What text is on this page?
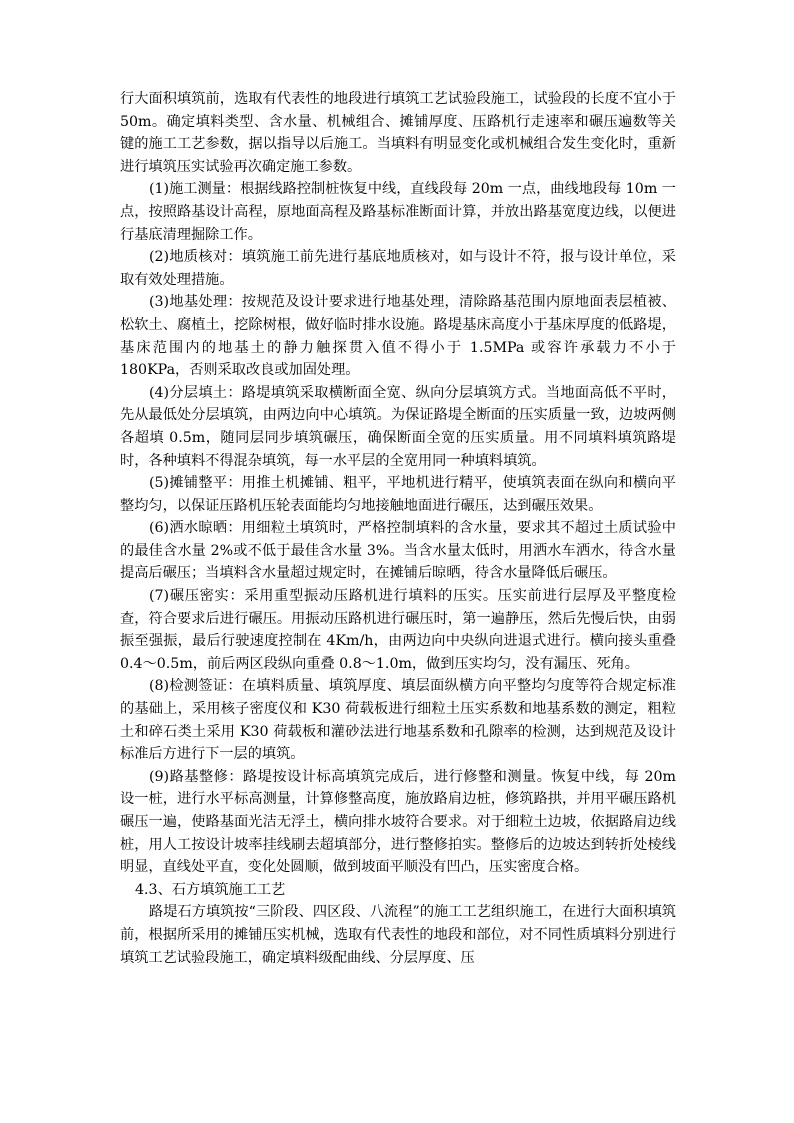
行大面积填筑前，选取有代表性的地段进行填筑工艺试验段施工，试验段的长度不宜小于 50m。确定填料类型、含水量、机械组合、摊铺厚度、压路机行走速率和碾压遍数等关键的施工工艺参数，据以指导以后施工。当填料有明显变化或机械组合发生变化时，重新进行填筑压实试验再次确定施工参数。

(1)施工测量：根据线路控制桩恢复中线，直线段每 20m 一点，曲线地段每 10m 一点，按照路基设计高程，原地面高程及路基标准断面计算，并放出路基宽度边线，以便进行基底清理掘除工作。

(2)地质核对：填筑施工前先进行基底地质核对，如与设计不符，报与设计单位，采取有效处理措施。

(3)地基处理：按规范及设计要求进行地基处理，清除路基范围内原地面表层植被、松软土、腐植土，挖除树根，做好临时排水设施。路堤基床高度小于基床厚度的低路堤，基床范围内的地基土的静力触探贯入值不得小于 1.5MPa 或容许承载力不小于 180KPa，否则采取改良或加固处理。

(4)分层填土：路堤填筑采取横断面全宽、纵向分层填筑方式。当地面高低不平时，先从最低处分层填筑，由两边向中心填筑。为保证路堤全断面的压实质量一致，边坡两侧各超填 0.5m，随同层同步填筑碾压，确保断面全宽的压实质量。用不同填料填筑路堤时，各种填料不得混杂填筑，每一水平层的全宽用同一种填料填筑。

(5)摊铺整平：用推土机摊铺、粗平，平地机进行精平，使填筑表面在纵向和横向平整均匀，以保证压路机压轮表面能均匀地接触地面进行碾压，达到碾压效果。

(6)洒水晾晒：用细粒土填筑时，严格控制填料的含水量，要求其不超过土质试验中的最佳含水量 2%或不低于最佳含水量 3%。当含水量太低时，用洒水车洒水，待含水量提高后碾压；当填料含水量超过规定时，在摊铺后晾晒，待含水量降低后碾压。

(7)碾压密实：采用重型振动压路机进行填料的压实。压实前进行层厚及平整度检查，符合要求后进行碾压。用振动压路机进行碾压时，第一遍静压，然后先慢后快，由弱振至强振，最后行驶速度控制在 4Km/h，由两边向中央纵向进退式进行。横向接头重叠 0.4～0.5m，前后两区段纵向重叠 0.8～1.0m，做到压实均匀，没有漏压、死角。

(8)检测签证：在填料质量、填筑厚度、填层面纵横方向平整均匀度等符合规定标准的基础上，采用核子密度仪和 K30 荷载板进行细粒土压实系数和地基系数的测定，粗粒土和碎石类土采用 K30 荷载板和灌砂法进行地基系数和孔隙率的检测，达到规范及设计标准后方进行下一层的填筑。

(9)路基整修：路堤按设计标高填筑完成后，进行修整和测量。恢复中线，每 20m 设一桩，进行水平标高测量，计算修整高度，施放路肩边桩，修筑路拱，并用平碾压路机碾压一遍，使路基面光洁无浮土，横向排水坡符合要求。对于细粒土边坡，依据路肩边线桩，用人工按设计坡率挂线刷去超填部分，进行整修拍实。整修后的边坡达到转折处棱线明显，直线处平直，变化处圆顺，做到坡面平顺没有凹凸，压实密度合格。

4.3、石方填筑施工工艺

路堤石方填筑按“三阶段、四区段、八流程”的施工工艺组织施工，在进行大面积填筑前，根据所采用的摊铺压实机械，选取有代表性的地段和部位，对不同性质填料分别进行填筑工艺试验段施工，确定填料级配曲线、分层厚度、压
